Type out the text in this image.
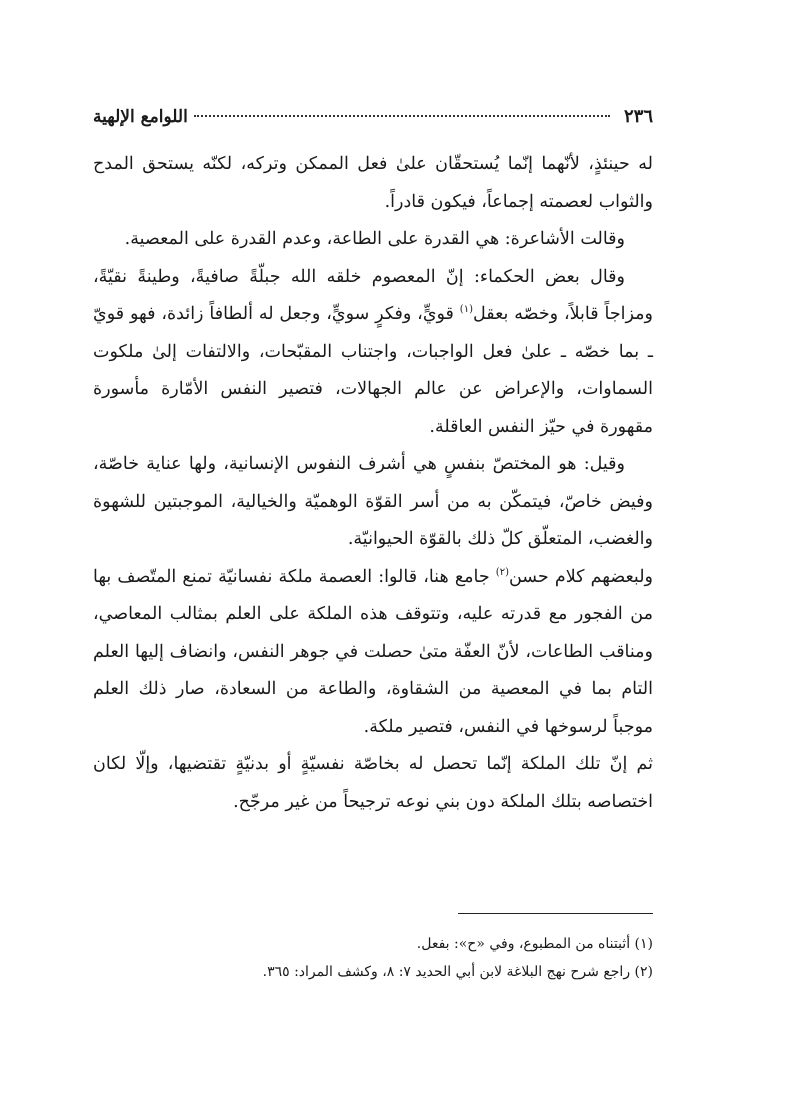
٢٣٦
اللوامع الإلهية

له حينئذٍ، لأنّهما إنّما يُستحقّان علىٰ فعل الممكن وتركه، لكنّه يستحق المدح والثواب لعصمته إجماعاً، فيكون قادراً.

وقالت الأشاعرة: هي القدرة على الطاعة، وعدم القدرة على المعصية.

وقال بعض الحكماء: إنّ المعصوم خلقه الله جبلّةً صافيةً، وطينةً نقيّةً، ومزاجاً قابلاً، وخصّه بعقل$^{(١)}$ قويٍّ، وفكرٍ سويٍّ، وجعل له ألطافاً زائدة، فهو قويّ ـ بما خصّه ـ علىٰ فعل الواجبات، واجتناب المقبّحات، والالتفات إلىٰ ملكوت السماوات، والإعراض عن عالم الجهالات، فتصير النفس الأمّارة مأسورة مقهورة في حيّز النفس العاقلة.

وقيل: هو المختصّ بنفسٍ هي أشرف النفوس الإنسانية، ولها عناية خاصّة، وفيض خاصّ، فيتمكّن به من أسر القوّة الوهميّة والخيالية، الموجبتين للشهوة والغضب، المتعلّق كلّ ذلك بالقوّة الحيوانيّة.

ولبعضهم كلام حسن$^{(٢)}$ جامع هنا، قالوا: العصمة ملكة نفسانيّة تمنع المتّصف بها من الفجور مع قدرته عليه، وتتوقف هذه الملكة على العلم بمثالب المعاصي، ومناقب الطاعات، لأنّ العفّة متىٰ حصلت في جوهر النفس، وانضاف إليها العلم التام بما في المعصية من الشقاوة، والطاعة من السعادة، صار ذلك العلم موجباً لرسوخها في النفس، فتصير ملكة.

ثم إنّ تلك الملكة إنّما تحصل له بخاصّة نفسيّةٍ أو بدنيّةٍ تقتضيها، وإلّا لكان اختصاصه بتلك الملكة دون بني نوعه ترجيحاً من غير مرجّح.

(١) أثبتناه من المطبوع، وفي «ح»: بفعل.
(٢) راجع شرح نهج البلاغة لابن أبي الحديد ٧: ٨، وكشف المراد: ٣٦٥.
